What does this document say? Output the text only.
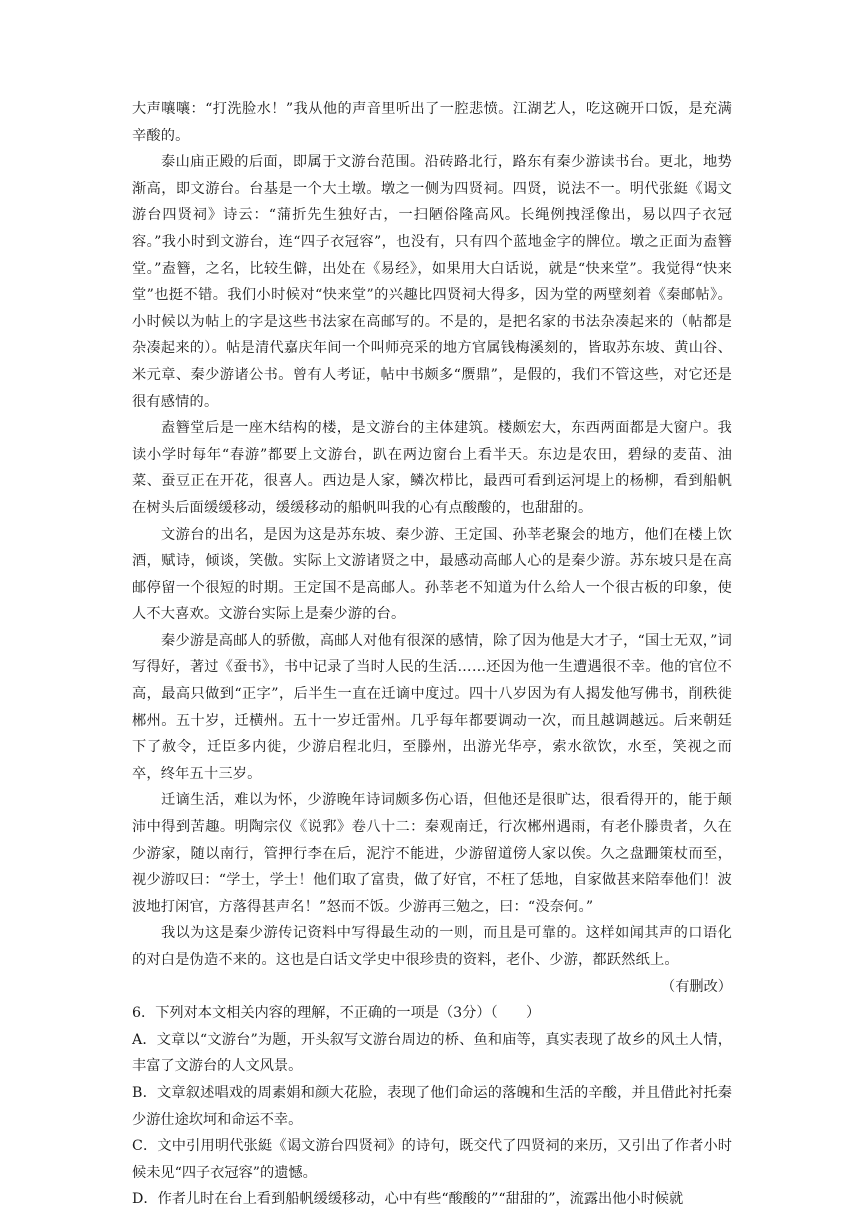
大声嚷嚷：“打洗脸水！”我从他的声音里听出了一腔悲愤。江湖艺人，吃这碗开口饭，是充满辛酸的。

泰山庙正殿的后面，即属于文游台范围。沿砖路北行，路东有秦少游读书台。更北，地势渐高，即文游台。台基是一个大土墩。墩之一侧为四贤祠。四贤，说法不一。明代张綎《谒文游台四贤祠》诗云：“蒲折先生独好古，一扫陋俗隆高风。长绳例拽淫像出，易以四子衣冠容。”我小时到文游台，连“四子衣冠容”，也没有，只有四个蓝地金字的牌位。墩之正面为盍簪堂。”盍簪，之名，比较生僻，出处在《易经》，如果用大白话说，就是“快来堂”。我觉得“快来堂”也挺不错。我们小时候对“快来堂”的兴趣比四贤祠大得多，因为堂的两壁刻着《秦邮帖》。小时候以为帖上的字是这些书法家在高邮写的。不是的，是把名家的书法杂凑起来的（帖都是杂凑起来的）。帖是清代嘉庆年间一个叫师亮采的地方官属钱梅溪刻的，皆取苏东坡、黄山谷、米元章、秦少游诸公书。曾有人考证，帖中书颇多“赝鼎”，是假的，我们不管这些，对它还是很有感情的。

盍簪堂后是一座木结构的楼，是文游台的主体建筑。楼颇宏大，东西两面都是大窗户。我读小学时每年“春游”都要上文游台，趴在两边窗台上看半天。东边是农田，碧绿的麦苗、油菜、蚕豆正在开花，很喜人。西边是人家，鳞次栉比，最西可看到运河堤上的杨柳，看到船帆在树头后面缓缓移动，缓缓移动的船帆叫我的心有点酸酸的，也甜甜的。

文游台的出名，是因为这是苏东坡、秦少游、王定国、孙莘老聚会的地方，他们在楼上饮酒，赋诗，倾谈，笑傲。实际上文游诸贤之中，最感动高邮人心的是秦少游。苏东坡只是在高邮停留一个很短的时期。王定国不是高邮人。孙莘老不知道为什么给人一个很古板的印象，使人不大喜欢。文游台实际上是秦少游的台。

秦少游是高邮人的骄傲，高邮人对他有很深的感情，除了因为他是大才子，“国士无双，”词写得好，著过《蚕书》，书中记录了当时人民的生活……还因为他一生遭遇很不幸。他的官位不高，最高只做到“正字”，后半生一直在迁谪中度过。四十八岁因为有人揭发他写佛书，削秩徙郴州。五十岁，迁横州。五十一岁迁雷州。几乎每年都要调动一次，而且越调越远。后来朝廷下了赦令，迁臣多内徙，少游启程北归，至滕州，出游光华亭，索水欲饮，水至，笑视之而卒，终年五十三岁。

迁谪生活，难以为怀，少游晚年诗词颇多伤心语，但他还是很旷达，很看得开的，能于颠沛中得到苦趣。明陶宗仪《说郛》卷八十二：秦观南迁，行次郴州遇雨，有老仆滕贵者，久在少游家，随以南行，管押行李在后，泥泞不能进，少游留道傍人家以俟。久之盘跚策杖而至，视少游叹曰：“学士，学士！他们取了富贵，做了好官，不枉了恁地，自家做甚来陪奉他们！波波地打闲官，方落得甚声名！”怒而不饭。少游再三勉之，曰：“没奈何。”

我以为这是秦少游传记资料中写得最生动的一则，而且是可靠的。这样如闻其声的口语化的对白是伪造不来的。这也是白话文学史中很珍贵的资料，老仆、少游，都跃然纸上。

（有删改）

6．下列对本文相关内容的理解，不正确的一项是（3分）（　　）

A．文章以“文游台”为题，开头叙写文游台周边的桥、鱼和庙等，真实表现了故乡的风土人情，丰富了文游台的人文风景。

B．文章叙述唱戏的周素娟和颜大花脸，表现了他们命运的落魄和生活的辛酸，并且借此衬托秦少游仕途坎坷和命运不幸。

C．文中引用明代张綎《谒文游台四贤祠》的诗句，既交代了四贤祠的来历，又引出了作者小时候未见“四子衣冠容”的遗憾。

D．作者儿时在台上看到船帆缓缓移动，心中有些“酸酸的”“甜甜的”，流露出他小时候就
